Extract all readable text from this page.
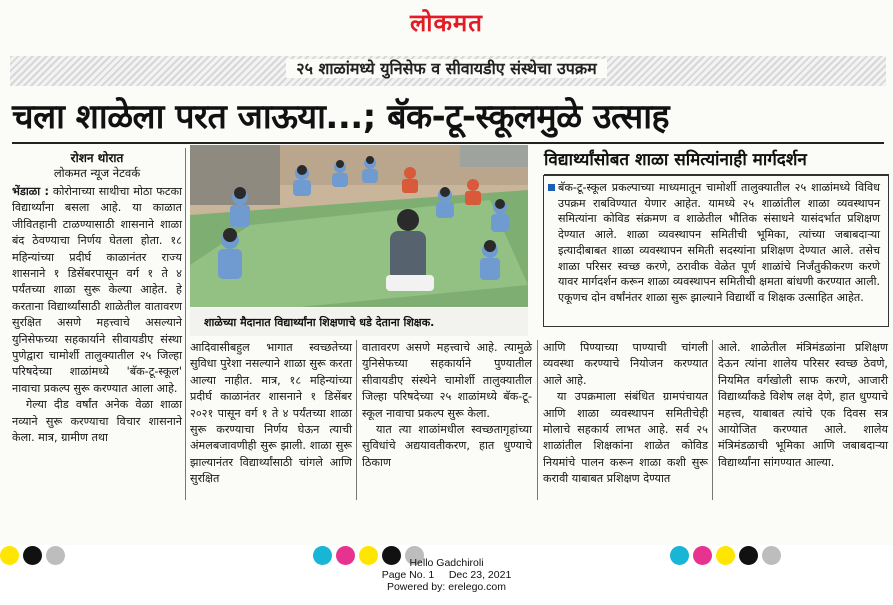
लोकमत
२५ शाळांमध्ये युनिसेफ व सीवायडीए संस्थेचा उपक्रम
चला शाळेला परत जाऊया...; बॅक-टू-स्कूलमुळे उत्साह
रोशन थोरात
लोकमत न्यूज नेटवर्क

भेंडाळा : कोरोनाच्या साथीचा मोठा फटका विद्यार्थ्यांना बसला आहे. या काळात जीवितहानी टाळण्यासाठी शासनाने शाळा बंद ठेवण्याचा निर्णय घेतला होता. १८ महिन्यांच्या प्रदीर्घ काळानंतर राज्य शासनाने १ डिसेंबरपासून वर्ग १ ते ४ पर्यंतच्या शाळा सुरू केल्या आहेत. हे करताना विद्यार्थ्यांसाठी शाळेतील वातावरण सुरक्षित असणे महत्त्वाचे असल्याने युनिसेफच्या सहकार्याने सीवायडीए संस्था पुणेद्वारा चामोर्शी तालुक्यातील २५ जिल्हा परिषदेच्या शाळांमध्ये 'बॅक-टू-स्कूल' नावाचा प्रकल्प सुरू करण्यात आला आहे.

गेल्या दीड वर्षांत अनेक वेळा शाळा नव्याने सुरू करण्याचा विचार शासनाने केला. मात्र, ग्रामीण तथा

शाळेच्या मैदानात विद्यार्थ्यांना शिक्षणाचे धडे देताना शिक्षक.
विद्यार्थ्यांसोबत शाळा समित्यांनाही मार्गदर्शन

बॅक-टू-स्कूल प्रकल्पाच्या माध्यमातून चामोर्शी तालुक्यातील २५ शाळांमध्ये विविध उपक्रम राबविण्यात येणार आहेत. यामध्ये २५ शाळांतील शाळा व्यवस्थापन समित्यांना कोविड संक्रमण व शाळेतील भौतिक संसाधने यासंदर्भात प्रशिक्षण देण्यात आले. शाळा व्यवस्थापन समितीची भूमिका, त्यांच्या जबाबदाऱ्या इत्यादीबाबत शाळा व्यवस्थापन समिती सदस्यांना प्रशिक्षण देण्यात आले. तसेच शाळा परिसर स्वच्छ करणे, ठरावीक वेळेत पूर्ण शाळांचे निर्जंतुकीकरण करणे यावर मार्गदर्शन करून शाळा व्यवस्थापन समितीची क्षमता बांधणी करण्यात आली. एकूणच दोन वर्षांनंतर शाळा सुरू झाल्याने विद्यार्थी व शिक्षक उत्साहित आहेत.

आदिवासीबहुल भागात स्वच्छतेच्या सुविधा पुरेशा नसल्याने शाळा सुरू करता आल्या नाहीत. मात्र, १८ महिन्यांच्या प्रदीर्घ काळानंतर शासनाने १ डिसेंबर २०२१ पासून वर्ग १ ते ४ पर्यंतच्या शाळा सुरू करण्याचा निर्णय घेऊन त्याची अंमलबजावणीही सुरू झाली. शाळा सुरू झाल्यानंतर विद्यार्थ्यांसाठी चांगले आणि सुरक्षित

वातावरण असणे महत्त्वाचे आहे. त्यामुळे युनिसेफच्या सहकार्याने पुण्यातील सीवायडीए संस्थेने चामोर्शी तालुक्यातील जिल्हा परिषदेच्या २५ शाळांमध्ये बॅक-टू-स्कूल नावाचा प्रकल्प सुरू केला.

यात त्या शाळांमधील स्वच्छतागृहांच्या सुविधांचे अद्ययावतीकरण, हात धुण्याचे ठिकाण

आणि पिण्याच्या पाण्याची चांगली व्यवस्था करण्याचे नियोजन करण्यात आले आहे.

या उपक्रमाला संबंधित ग्रामपंचायत आणि शाळा व्यवस्थापन समितीचेही मोलाचे सहकार्य लाभत आहे. सर्व २५ शाळांतील शिक्षकांना शाळेत कोविड नियमांचे पालन करून शाळा कशी सुरू करावी याबाबत प्रशिक्षण देण्यात

आले. शाळेतील मंत्रिमंडळांना प्रशिक्षण देऊन त्यांना शालेय परिसर स्वच्छ ठेवणे, नियमित वर्गखोली साफ करणे, आजारी विद्यार्थ्यांकडे विशेष लक्ष देणे, हात धुण्याचे महत्त्व, याबाबत त्यांचे एक दिवस सत्र आयोजित करण्यात आले. शालेय मंत्रिमंडळाची भूमिका आणि जबाबदाऱ्या विद्यार्थ्यांना सांगण्यात आल्या.

Hello Gadchiroli
Page No. 1     Dec 23, 2021
Powered by: erelego.com
